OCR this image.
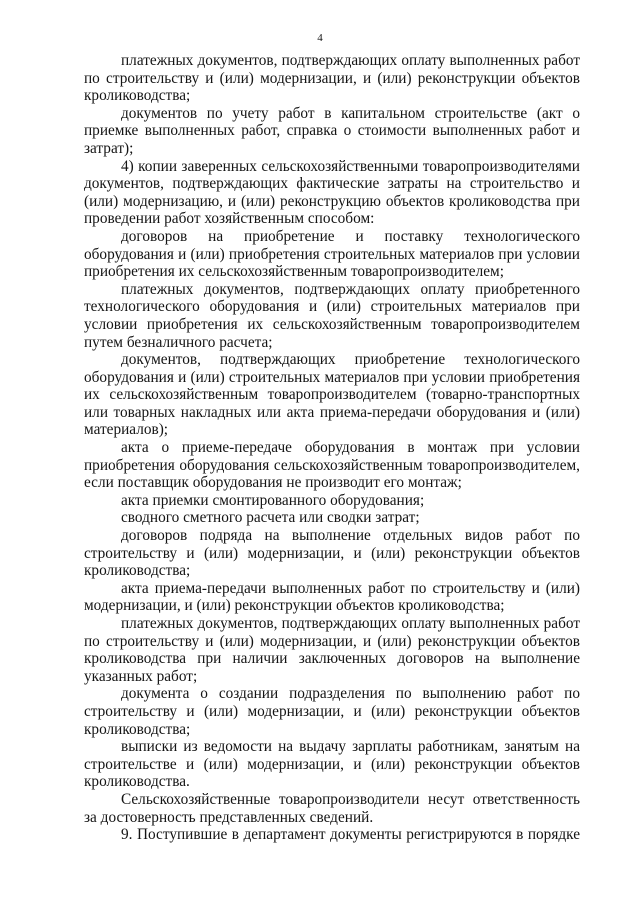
4

платежных документов, подтверждающих оплату выполненных работ по строительству и (или) модернизации, и (или) реконструкции объектов кролиководства;

документов по учету работ в капитальном строительстве (акт о приемке выполненных работ, справка о стоимости выполненных работ и затрат);

4) копии заверенных сельскохозяйственными товаропроизводителями документов, подтверждающих фактические затраты на строительство и (или) модернизацию, и (или) реконструкцию объектов кролиководства при проведении работ хозяйственным способом:

договоров на приобретение и поставку технологического оборудования и (или) приобретения строительных материалов при условии приобретения их сельскохозяйственным товаропроизводителем;

платежных документов, подтверждающих оплату приобретенного технологического оборудования и (или) строительных материалов при условии приобретения их сельскохозяйственным товаропроизводителем путем безналичного расчета;

документов, подтверждающих приобретение технологического оборудования и (или) строительных материалов при условии приобретения их сельскохозяйственным товаропроизводителем (товарно-транспортных или товарных накладных или акта приема-передачи оборудования и (или) материалов);

акта о приеме-передаче оборудования в монтаж при условии приобретения оборудования сельскохозяйственным товаропроизводителем, если поставщик оборудования не производит его монтаж;

акта приемки смонтированного оборудования;

сводного сметного расчета или сводки затрат;

договоров подряда на выполнение отдельных видов работ по строительству и (или) модернизации, и (или) реконструкции объектов кролиководства;

акта приема-передачи выполненных работ по строительству и (или) модернизации, и (или) реконструкции объектов кролиководства;

платежных документов, подтверждающих оплату выполненных работ по строительству и (или) модернизации, и (или) реконструкции объектов кролиководства при наличии заключенных договоров на выполнение указанных работ;

документа о создании подразделения по выполнению работ по строительству и (или) модернизации, и (или) реконструкции объектов кролиководства;

выписки из ведомости на выдачу зарплаты работникам, занятым на строительстве и (или) модернизации, и (или) реконструкции объектов кролиководства.

Сельскохозяйственные товаропроизводители несут ответственность за достоверность представленных сведений.

9. Поступившие в департамент документы регистрируются в порядке
